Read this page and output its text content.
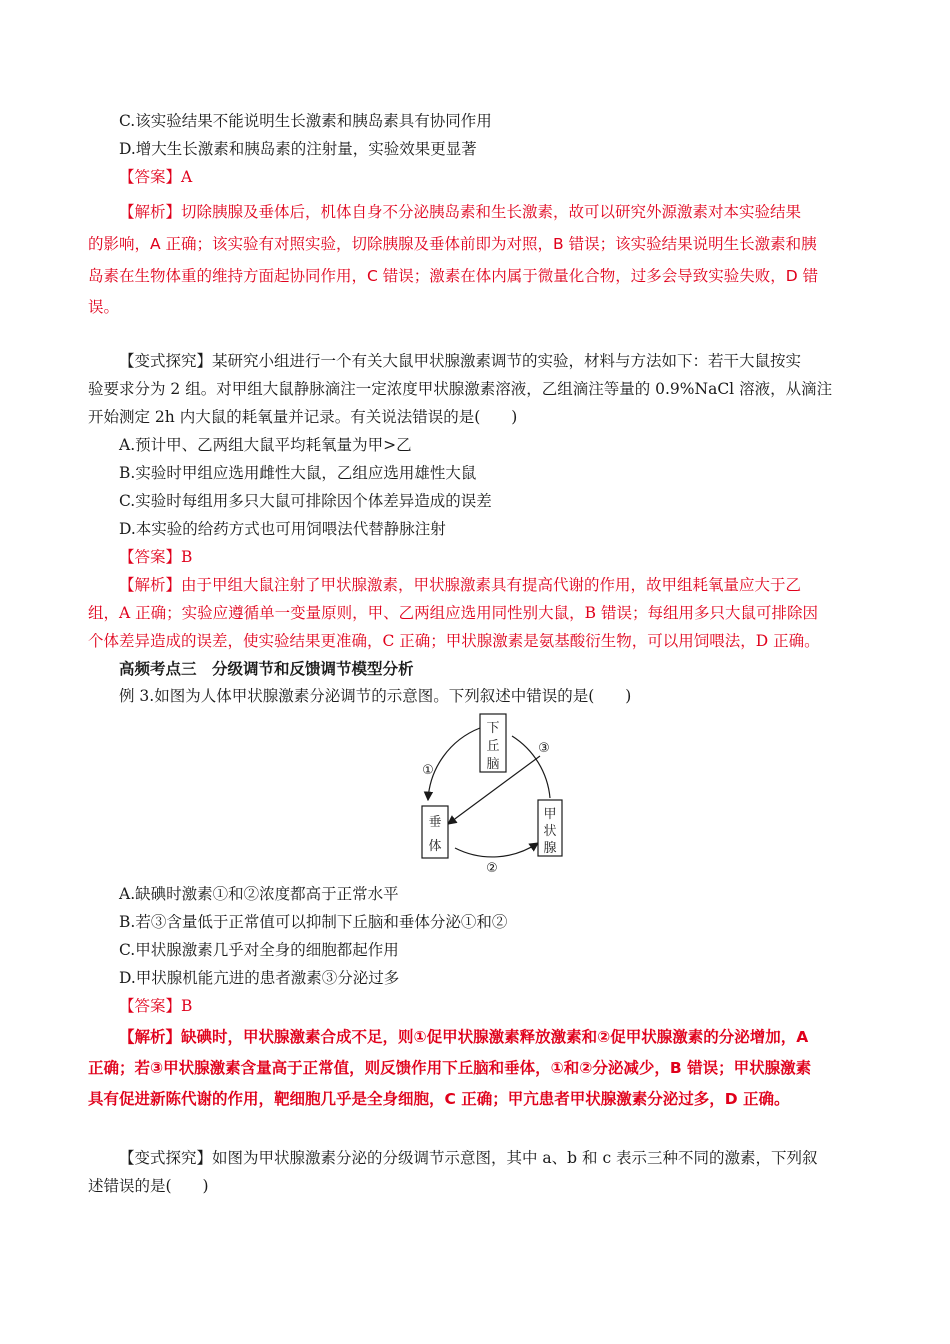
C.该实验结果不能说明生长激素和胰岛素具有协同作用
D.增大生长激素和胰岛素的注射量，实验效果更显著
【答案】A
【解析】切除胰腺及垂体后，机体自身不分泌胰岛素和生长激素，故可以研究外源激素对本实验结果
的影响，A 正确；该实验有对照实验，切除胰腺及垂体前即为对照，B 错误；该实验结果说明生长激素和胰
岛素在生物体重的维持方面起协同作用，C 错误；激素在体内属于微量化合物，过多会导致实验失败，D 错
误。
【变式探究】某研究小组进行一个有关大鼠甲状腺激素调节的实验，材料与方法如下：若干大鼠按实
验要求分为 2 组。对甲组大鼠静脉滴注一定浓度甲状腺激素溶液，乙组滴注等量的 0.9%NaCl 溶液，从滴注
开始测定 2h 内大鼠的耗氧量并记录。有关说法错误的是(　　)
A.预计甲、乙两组大鼠平均耗氧量为甲>乙
B.实验时甲组应选用雌性大鼠，乙组应选用雄性大鼠
C.实验时每组用多只大鼠可排除因个体差异造成的误差
D.本实验的给药方式也可用饲喂法代替静脉注射
【答案】B
【解析】由于甲组大鼠注射了甲状腺激素，甲状腺激素具有提高代谢的作用，故甲组耗氧量应大于乙
组，A 正确；实验应遵循单一变量原则，甲、乙两组应选用同性别大鼠，B 错误；每组用多只大鼠可排除因
个体差异造成的误差，使实验结果更准确，C 正确；甲状腺激素是氨基酸衍生物，可以用饲喂法，D 正确。
高频考点三　分级调节和反馈调节模型分析
例 3.如图为人体甲状腺激素分泌调节的示意图。下列叙述中错误的是(　　)
下
丘
脑
垂
体
甲
状
腺
①
②
③
A.缺碘时激素①和②浓度都高于正常水平
B.若③含量低于正常值可以抑制下丘脑和垂体分泌①和②
C.甲状腺激素几乎对全身的细胞都起作用
D.甲状腺机能亢进的患者激素③分泌过多
【答案】B
【解析】缺碘时，甲状腺激素合成不足，则①促甲状腺激素释放激素和②促甲状腺激素的分泌增加，A
正确；若③甲状腺激素含量高于正常值，则反馈作用下丘脑和垂体，①和②分泌减少，B 错误；甲状腺激素
具有促进新陈代谢的作用，靶细胞几乎是全身细胞，C 正确；甲亢患者甲状腺激素分泌过多，D 正确。
【变式探究】如图为甲状腺激素分泌的分级调节示意图，其中 a、b 和 c 表示三种不同的激素，下列叙
述错误的是(　　)
